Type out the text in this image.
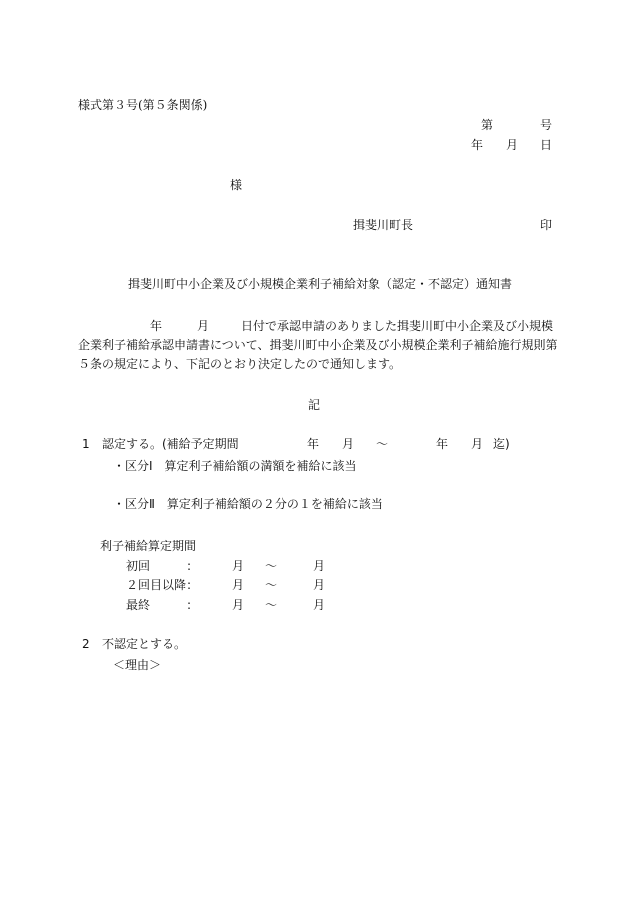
様式第３号(第５条関係)
第	号
年 月 日
様
揖斐川町長	印
揖斐川町中小企業及び小規模企業利子補給対象（認定・不認定）通知書
年	月	日付で承認申請のありました揖斐川町中小企業及び小規模
企業利子補給承認申請書について、揖斐川町中小企業及び小規模企業利子補給施行規則第
５条の規定により、下記のとおり決定したので通知します。
記
1 認定する。(補給予定期間	年 月 ～	年 月 迄)
・区分Ⅰ　算定利子補給額の満額を補給に該当
・区分Ⅱ　算定利子補給額の２分の１を補給に該当
利子補給算定期間
初回	:	月 ～	月
２回目以降 :	月 ～	月
最終	:	月 ～	月
2 不認定とする。
＜理由＞
